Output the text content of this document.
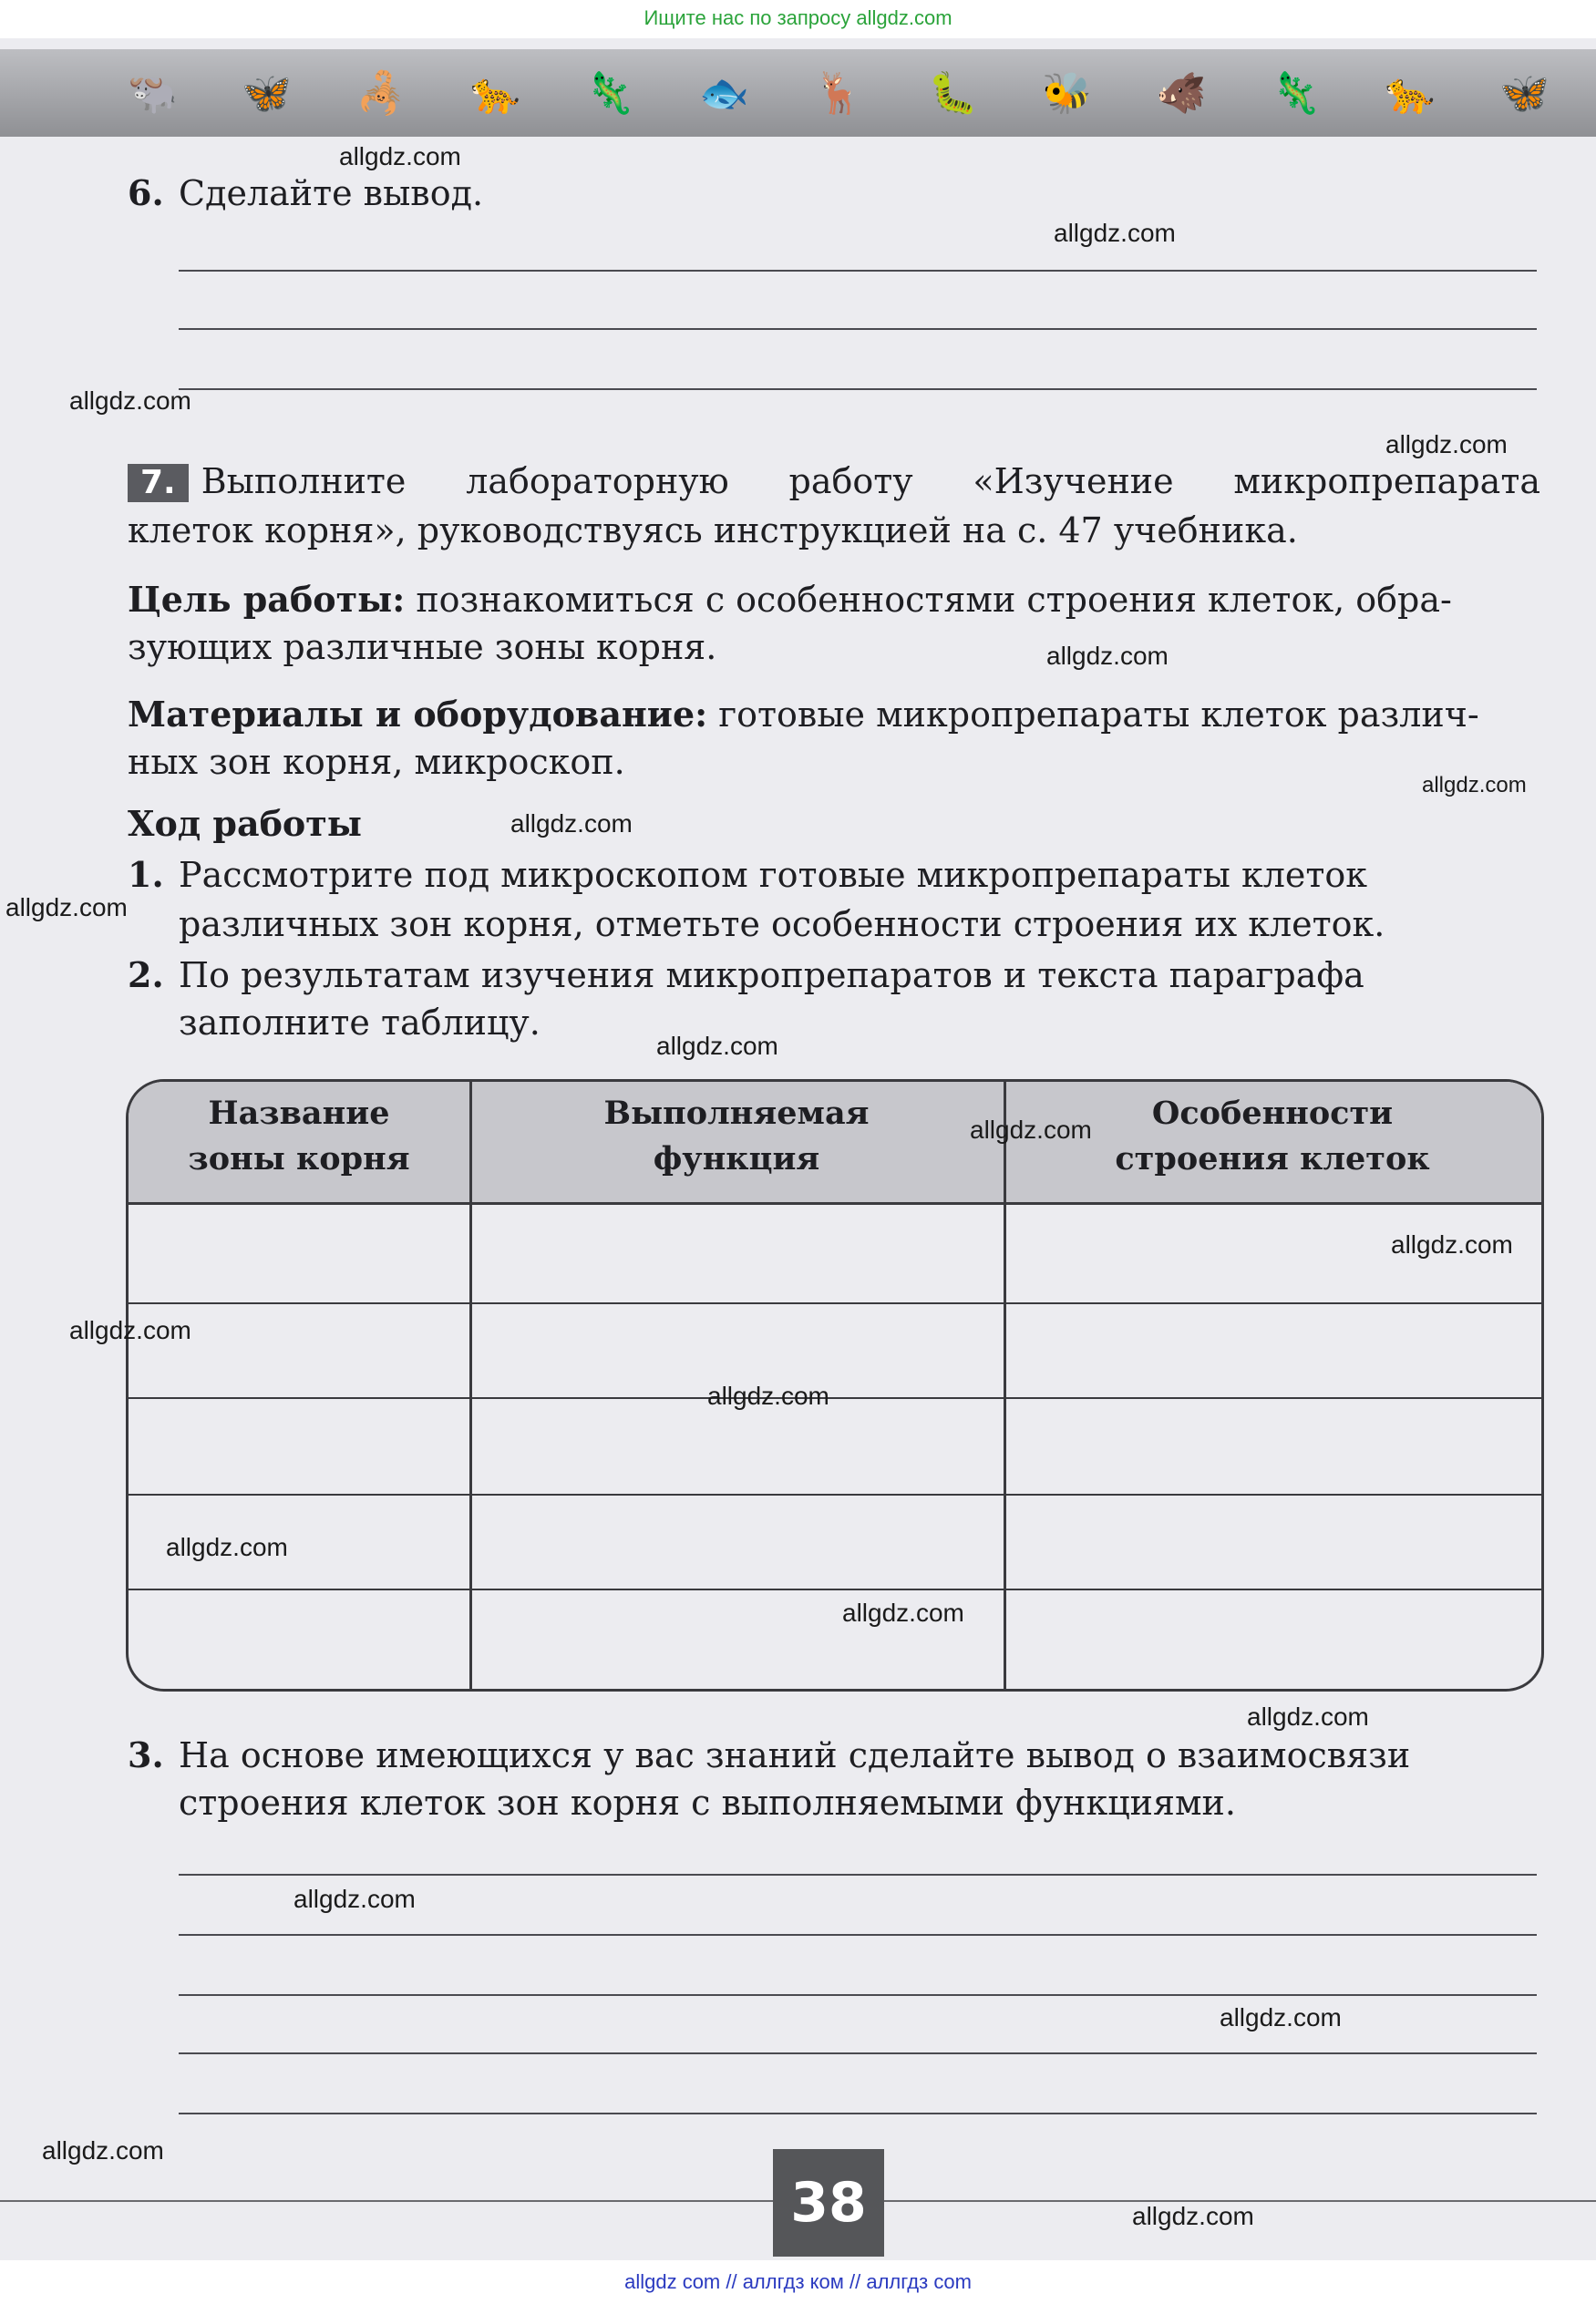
Ищите нас по запросу allgdz.com
🐃 🦋 🦂 🐆 🦎 🐟 🦌 🐛 🐝 🐗 🦎 🐆 🦋
6. Сделайте вывод.
7. Выполните лабораторную работу «Изучение микропрепарата
клеток корня», руководствуясь инструкцией на с. 47 учебника.
Цель работы: познакомиться с особенностями строения клеток, обра-
зующих различные зоны корня.
Материалы и оборудование: готовые микропрепараты клеток различ-
ных зон корня, микроскоп.
Ход работы
1. Рассмотрите под микроскопом готовые микропрепараты клеток
различных зон корня, отметьте особенности строения их клеток.
2. По результатам изучения микропрепаратов и текста параграфа
заполните таблицу.
Название
зоны корня
Выполняемая
функция
Особенности
строения клеток
3. На основе имеющихся у вас знаний сделайте вывод о взаимосвязи
строения клеток зон корня с выполняемыми функциями.
allgdz.com
allgdz.com
allgdz.com
allgdz.com
allgdz.com
allgdz.com
allgdz.com
allgdz.com
allgdz.com
allgdz.com
allgdz.com
allgdz.com
allgdz.com
allgdz.com
allgdz.com
allgdz.com
allgdz.com
allgdz.com
allgdz.com
allgdz.com
38
allgdz com // аллгдз ком // аллгдз com
